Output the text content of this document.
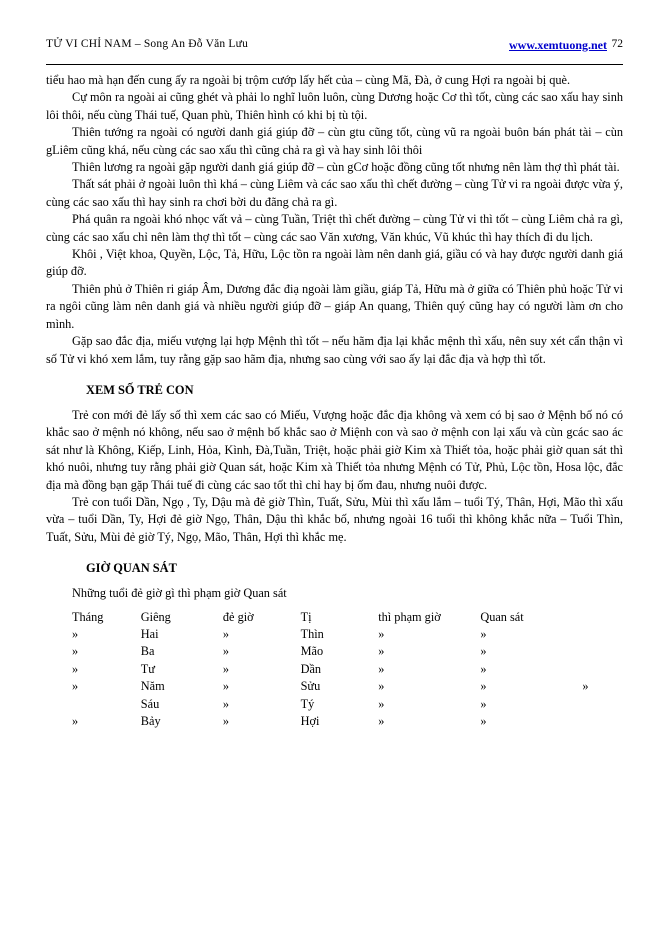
TỬ VI CHỈ NAM – Song An Đỗ Văn Lưu	www.xemtuong.net 72

tiểu hao mà hạn đến cung ấy ra ngoài bị trộm cướp lấy hết của – cùng Mã, Đà, ở cung Hợi ra ngoài bị què.

Cự môn ra ngoài ai cũng ghét và phải lo nghĩ luôn luôn, cùng Dương hoặc Cơ thì tốt, cùng các sao xấu hay sinh lôi thôi, nếu cùng Thái tuế, Quan phù, Thiên hình có khi bị tù tội.

Thiên tướng ra ngoài có người danh giá giúp đỡ – cùn gtu cũng tốt, cùng vũ ra ngoài buôn bán phát tài – cùn gLiêm cũng khá, nếu cùng các sao xấu thì cũng chả ra gì và hay sinh lôi thôi

Thiên lương ra ngoài gặp người danh giá giúp đỡ – cùn gCơ hoặc đồng cũng tốt nhưng nên làm thợ thì phát tài.

Thất sát phải ở ngoài luôn thì khá – cùng Liêm và các sao xấu thì chết đường – cùng Tử vi ra ngoài được vừa ý, cùng các sao xấu thì hay sinh ra chơi bời du đãng chả ra gì.

Phá quân ra ngoài khó nhọc vất vả – cùng Tuần, Triệt thì chết đường – cùng Tử vi thì tốt – cùng Liêm chả ra gì, cùng các sao xấu chỉ nên làm thợ thì tốt – cùng các sao Văn xương, Văn khúc, Vũ khúc thì hay thích đi du lịch.

Khôi , Việt khoa, Quyền, Lộc, Tả, Hữu, Lộc tồn ra ngoài làm nên danh giá, giầu có và hay được người danh giá giúp đỡ.

Thiên phủ ở Thiên ri giáp Âm, Dương đắc điạ ngoài làm giầu, giáp Tả, Hữu mà ở giữa có Thiên phủ hoặc Tử vi ra ngôi cũng làm nên danh giá và nhiều người giúp đỡ – giáp An quang, Thiên quý cũng hay có người làm ơn cho mình.

Gặp sao đắc địa, miếu vượng lại hợp Mệnh thì tốt – nếu hãm địa lại khắc mệnh thì xấu, nên suy xét cẩn thận vì số Tử vi khó xem lắm, tuy rằng gặp sao hãm địa, nhưng sao cùng với sao ấy lại đắc địa và hợp thì tốt.

XEM SỐ TRẺ CON

Trẻ con mới đẻ lấy số thì xem các sao có Miếu, Vượng hoặc đắc địa không và xem có bị sao ở Mệnh bố nó có khắc sao ở mệnh nó không, nếu sao ở mệnh bố khắc sao ở Miệnh con và sao ở mệnh con lại xấu và cùn gcác sao ác sát như là Không, Kiếp, Linh, Hỏa, Kình, Đà,Tuần, Triệt, hoặc phải giờ Kim xà Thiết tỏa, hoặc phải giờ quan sát thì khó nuôi, nhưng tuy rằng phải giờ Quan sát, hoặc Kim xà Thiết tỏa nhưng Mệnh có Tử, Phủ, Lộc tồn, Hosa lộc, đắc địa mà đồng bạn gặp Thái tuế đi cùng các sao tốt thì chỉ hay bị ốm đau, nhưng nuôi được.

Trẻ con tuổi Dần, Ngọ , Ty, Dậu mà đẻ giờ Thìn, Tuất, Sửu, Mùi thì xấu lắm – tuổi Tý, Thân, Hợi, Mão thì xấu vừa – tuổi Dần, Ty, Hợi đẻ giờ Ngọ, Thân, Dậu thì khắc bố, nhưng ngoài 16 tuổi thì không khắc nữa – Tuổi Thìn, Tuất, Sửu, Mùi đẻ giờ Tý, Ngọ, Mão, Thân, Hợi thì khắc mẹ.

GIỜ QUAN SÁT

Những tuổi đẻ giờ gì thì phạm giờ Quan sát

Tháng	Giêng	đẻ giờ	Tị	thì phạm giờ	Quan sát	
»	Hai	»	Thìn	»	»	
»	Ba	»	Mão	»	»	
»	Tư	»	Dần	»	»	
»	Năm	»	Sửu	»	»	»
	Sáu	»	Tý	»	»	
»	Bảy	»	Hợi	»	»	
